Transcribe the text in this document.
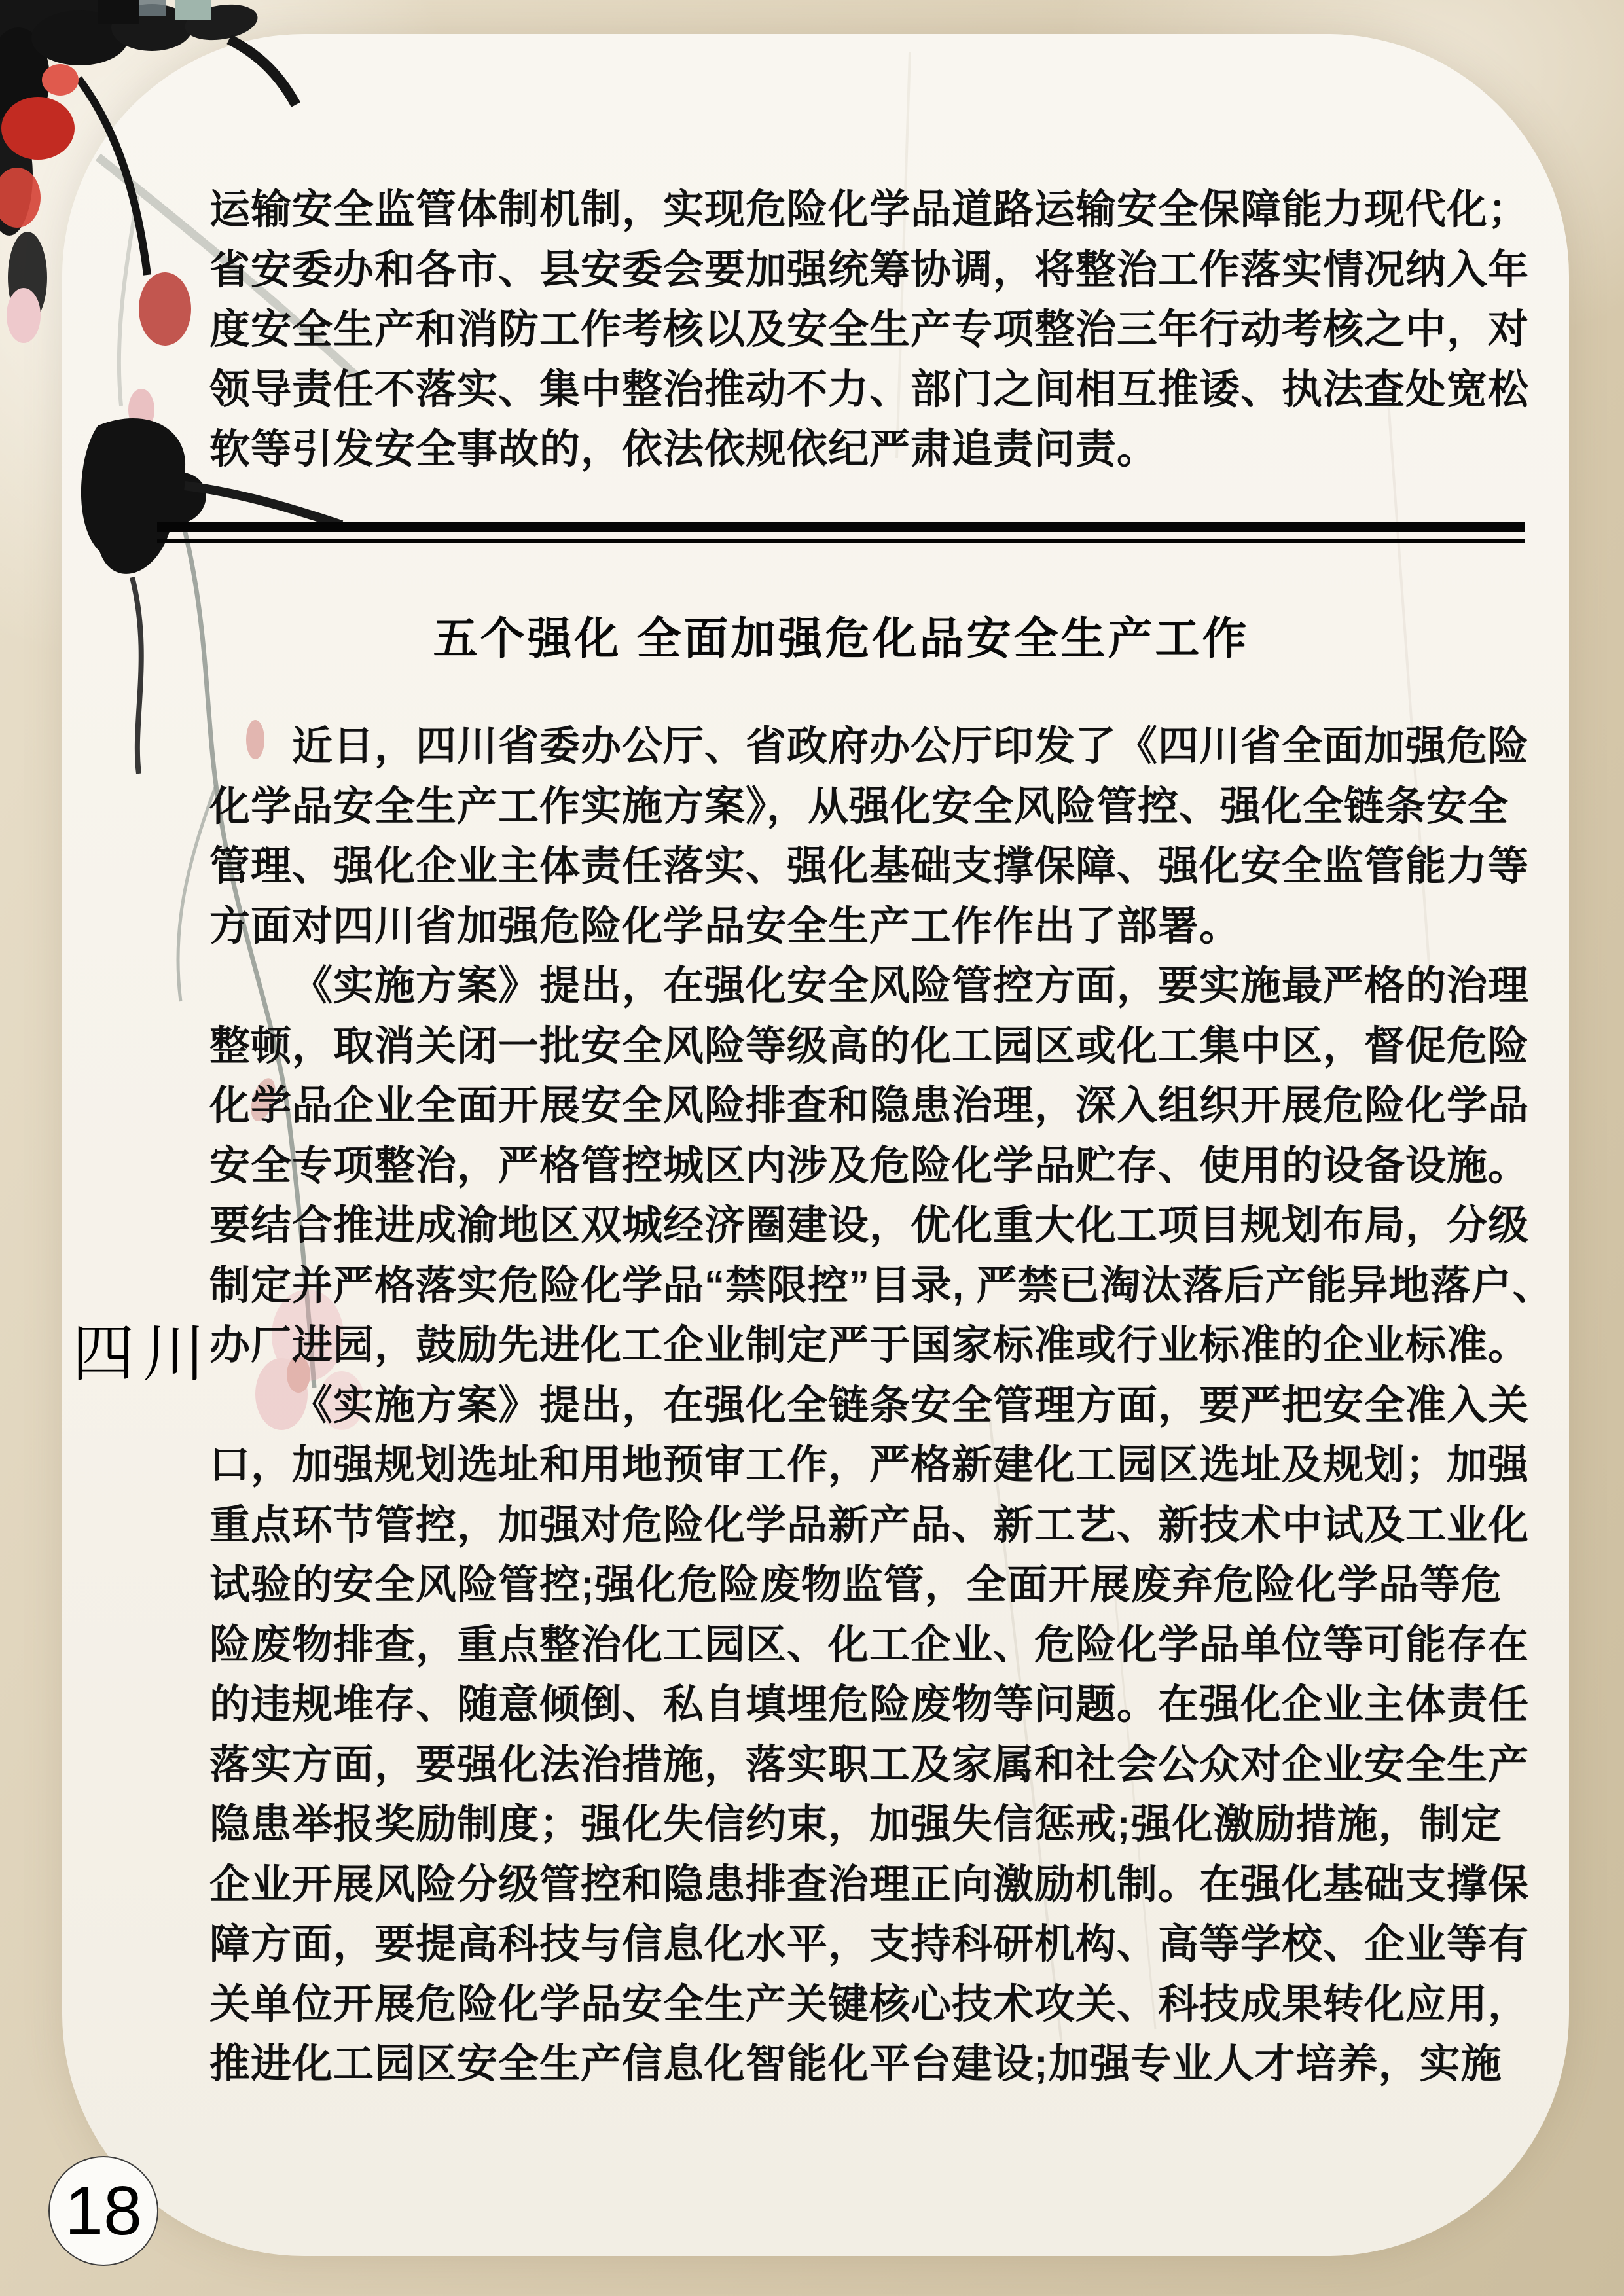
运输安全监管体制机制，实现危险化学品道路运输安全保障能力现代化；
省安委办和各市、县安委会要加强统筹协调，将整治工作落实情况纳入年
度安全生产和消防工作考核以及安全生产专项整治三年行动考核之中，对
领导责任不落实、集中整治推动不力、部门之间相互推诿、执法查处宽松
软等引发安全事故的，依法依规依纪严肃追责问责。
五个强化 全面加强危化品安全生产工作
近日，四川省委办公厅、省政府办公厅印发了《四川省全面加强危险
化学品安全生产工作实施方案》，从强化安全风险管控、强化全链条安全
管理、强化企业主体责任落实、强化基础支撑保障、强化安全监管能力等
方面对四川省加强危险化学品安全生产工作作出了部署。
《实施方案》提出，在强化安全风险管控方面，要实施最严格的治理
整顿，取消关闭一批安全风险等级高的化工园区或化工集中区，督促危险
化学品企业全面开展安全风险排查和隐患治理，深入组织开展危险化学品
安全专项整治，严格管控城区内涉及危险化学品贮存、使用的设备设施。
要结合推进成渝地区双城经济圈建设，优化重大化工项目规划布局，分级
制定并严格落实危险化学品“禁限控”目录, 严禁已淘汰落后产能异地落户、
办厂进园，鼓励先进化工企业制定严于国家标准或行业标准的企业标准。
《实施方案》提出，在强化全链条安全管理方面，要严把安全准入关
口，加强规划选址和用地预审工作，严格新建化工园区选址及规划；加强
重点环节管控，加强对危险化学品新产品、新工艺、新技术中试及工业化
试验的安全风险管控;强化危险废物监管，全面开展废弃危险化学品等危
险废物排查，重点整治化工园区、化工企业、危险化学品单位等可能存在
的违规堆存、随意倾倒、私自填埋危险废物等问题。在强化企业主体责任
落实方面，要强化法治措施，落实职工及家属和社会公众对企业安全生产
隐患举报奖励制度；强化失信约束，加强失信惩戒;强化激励措施，制定
企业开展风险分级管控和隐患排查治理正向激励机制。在强化基础支撑保
障方面，要提高科技与信息化水平，支持科研机构、高等学校、企业等有
关单位开展危险化学品安全生产关键核心技术攻关、科技成果转化应用，
推进化工园区安全生产信息化智能化平台建设;加强专业人才培养，实施
四川
18
